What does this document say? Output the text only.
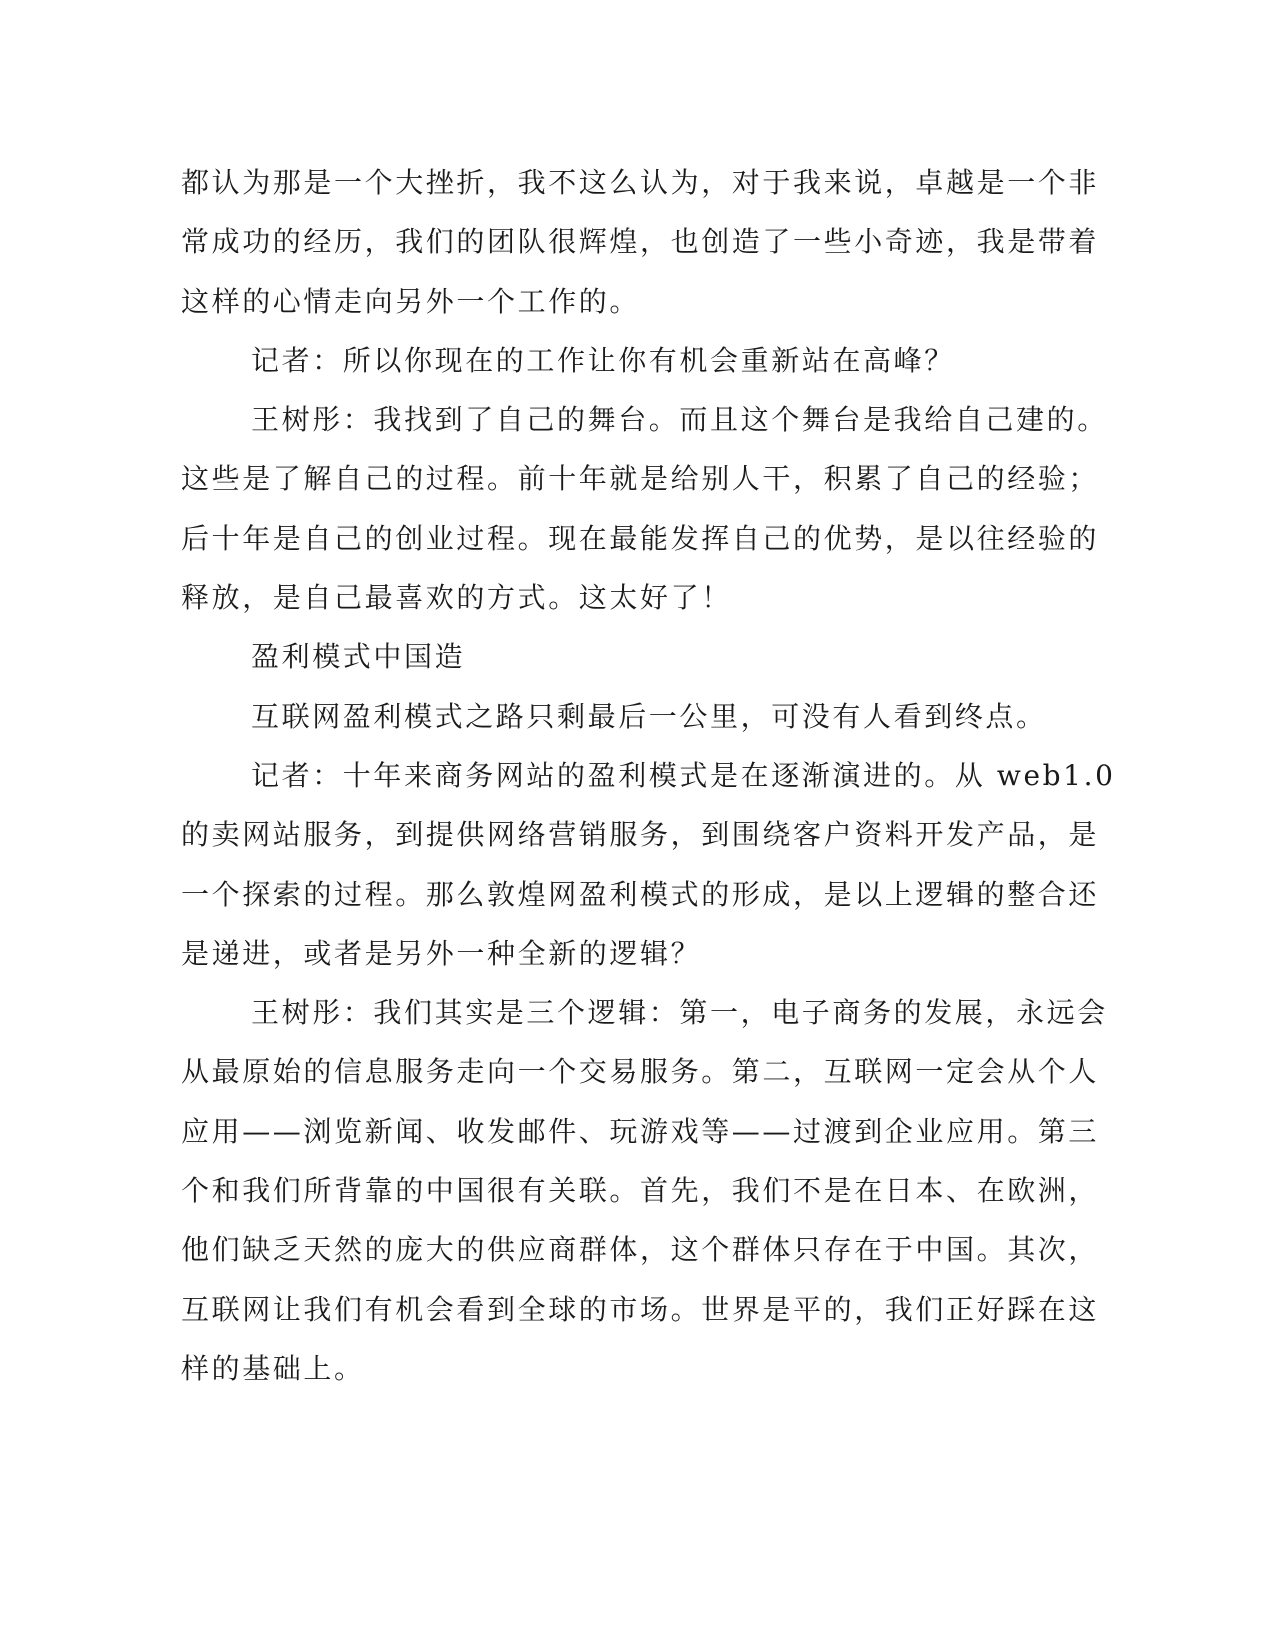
都认为那是一个大挫折，我不这么认为，对于我来说，卓越是一个非
常成功的经历，我们的团队很辉煌，也创造了一些小奇迹，我是带着
这样的心情走向另外一个工作的。
记者：所以你现在的工作让你有机会重新站在高峰？
王树彤：我找到了自己的舞台。而且这个舞台是我给自己建的。
这些是了解自己的过程。前十年就是给别人干，积累了自己的经验；
后十年是自己的创业过程。现在最能发挥自己的优势，是以往经验的
释放，是自己最喜欢的方式。这太好了！
盈利模式中国造
互联网盈利模式之路只剩最后一公里，可没有人看到终点。
记者：十年来商务网站的盈利模式是在逐渐演进的。从 web1.0
的卖网站服务，到提供网络营销服务，到围绕客户资料开发产品，是
一个探索的过程。那么敦煌网盈利模式的形成，是以上逻辑的整合还
是递进，或者是另外一种全新的逻辑？
王树彤：我们其实是三个逻辑：第一，电子商务的发展，永远会
从最原始的信息服务走向一个交易服务。第二，互联网一定会从个人
应用——浏览新闻、收发邮件、玩游戏等——过渡到企业应用。第三
个和我们所背靠的中国很有关联。首先，我们不是在日本、在欧洲，
他们缺乏天然的庞大的供应商群体，这个群体只存在于中国。其次，
互联网让我们有机会看到全球的市场。世界是平的，我们正好踩在这
样的基础上。
